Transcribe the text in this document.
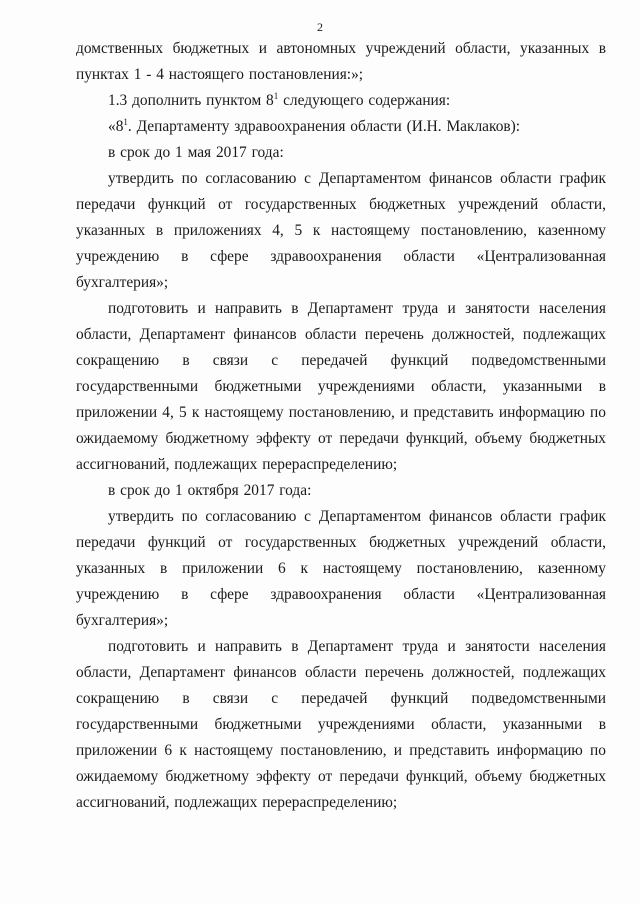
2

домственных бюджетных и автономных учреждений области, указанных в пунктах 1 - 4 настоящего постановления:»;

1.3 дополнить пунктом $8^1$ следующего содержания:

«$8^1$. Департаменту здравоохранения области (И.Н. Маклаков):

в срок до 1 мая 2017 года:

утвердить по согласованию с Департаментом финансов области график передачи функций от государственных бюджетных учреждений области, указанных в приложениях 4, 5 к настоящему постановлению, казенному учреждению в сфере здравоохранения области «Централизованная бухгалтерия»;

подготовить и направить в Департамент труда и занятости населения области, Департамент финансов области перечень должностей, подлежащих сокращению в связи с передачей функций подведомственными государственными бюджетными учреждениями области, указанными в приложении 4, 5 к настоящему постановлению, и представить информацию по ожидаемому бюджетному эффекту от передачи функций, объему бюджетных ассигнований, подлежащих перераспределению;

в срок до 1 октября 2017 года:

утвердить по согласованию с Департаментом финансов области график передачи функций от государственных бюджетных учреждений области, указанных в приложении 6 к настоящему постановлению, казенному учреждению в сфере здравоохранения области «Централизованная бухгалтерия»;

подготовить и направить в Департамент труда и занятости населения области, Департамент финансов области перечень должностей, подлежащих сокращению в связи с передачей функций подведомственными государственными бюджетными учреждениями области, указанными в приложении 6 к настоящему постановлению, и представить информацию по ожидаемому бюджетному эффекту от передачи функций, объему бюджетных ассигнований, подлежащих перераспределению;
